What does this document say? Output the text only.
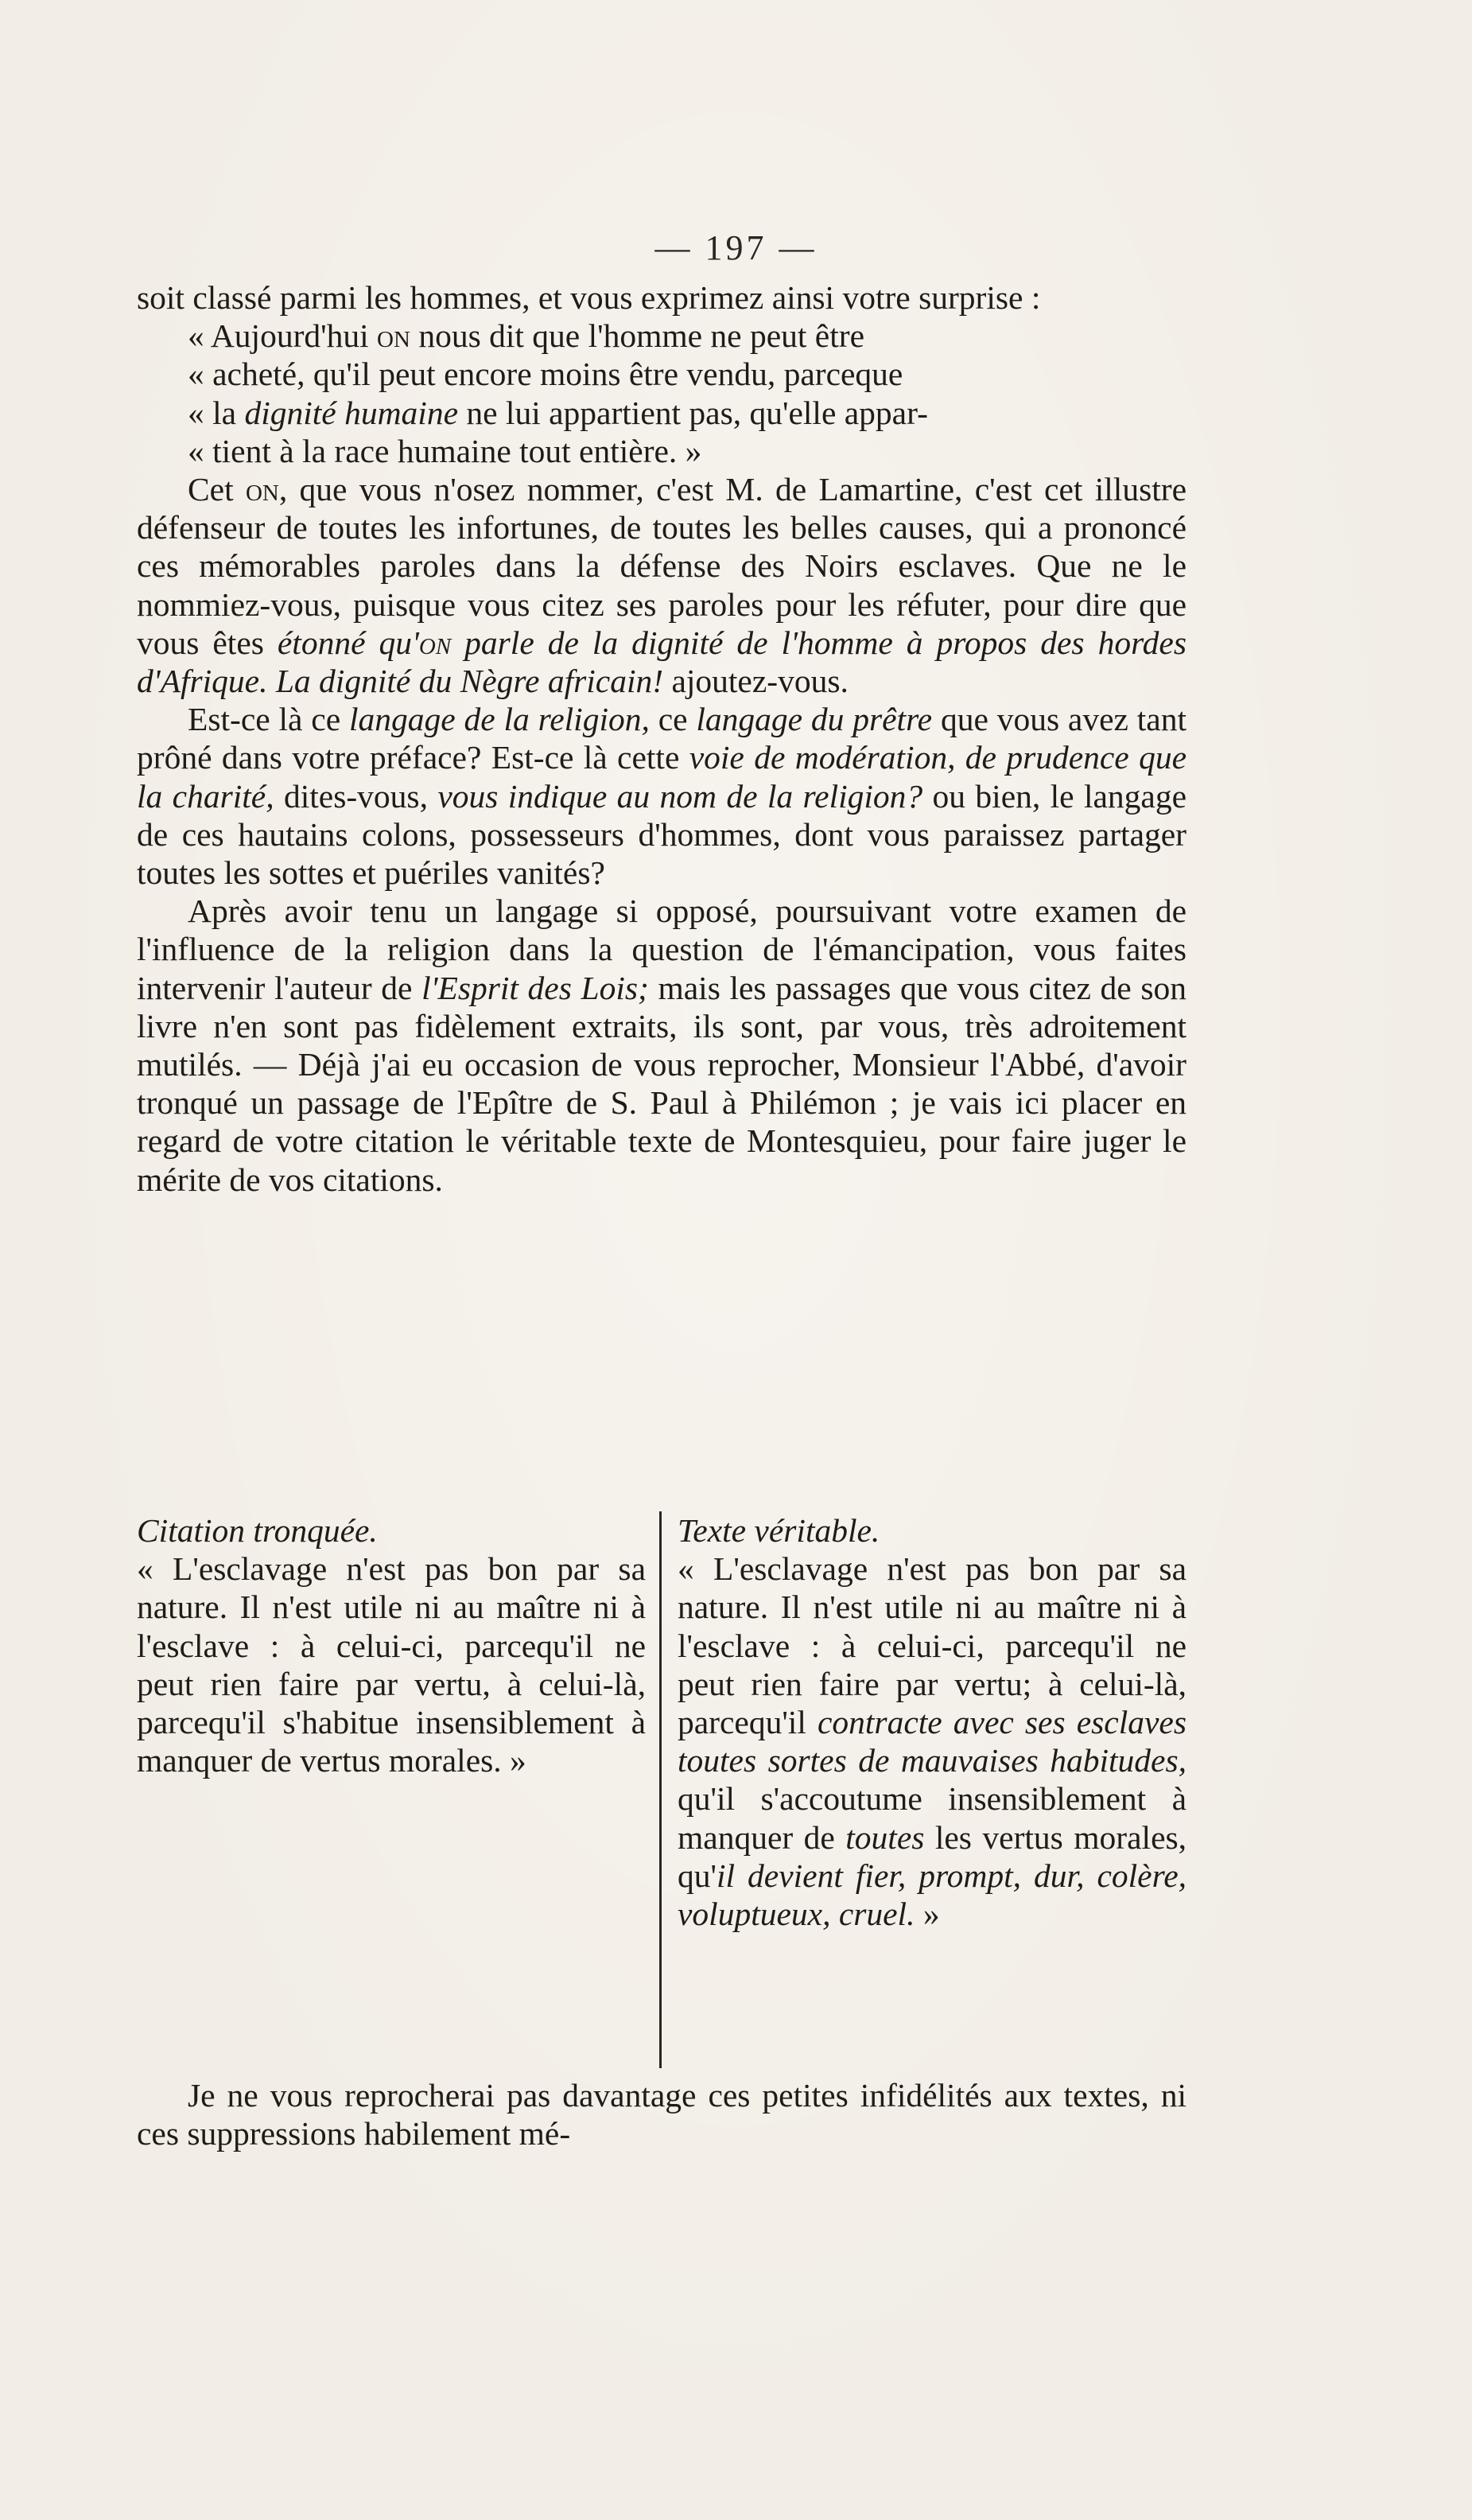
— 197 —

soit classé parmi les hommes, et vous exprimez ainsi votre surprise :

« Aujourd'hui on nous dit que l'homme ne peut être
« acheté, qu'il peut encore moins être vendu, parceque
« la dignité humaine ne lui appartient pas, qu'elle appar-
« tient à la race humaine tout entière. »

Cet on, que vous n'osez nommer, c'est M. de Lamartine, c'est cet illustre défenseur de toutes les infortunes, de toutes les belles causes, qui a prononcé ces mémorables paroles dans la défense des Noirs esclaves. Que ne le nommiez-vous, puisque vous citez ses paroles pour les réfuter, pour dire que vous êtes étonné qu'on parle de la dignité de l'homme à propos des hordes d'Afrique. La dignité du Nègre africain! ajoutez-vous.

Est-ce là ce langage de la religion, ce langage du prêtre que vous avez tant prôné dans votre préface? Est-ce là cette voie de modération, de prudence que la charité, dites-vous, vous indique au nom de la religion? ou bien, le langage de ces hautains colons, possesseurs d'hommes, dont vous paraissez partager toutes les sottes et puériles vanités?

Après avoir tenu un langage si opposé, poursuivant votre examen de l'influence de la religion dans la question de l'émancipation, vous faites intervenir l'auteur de l'Esprit des Lois; mais les passages que vous citez de son livre n'en sont pas fidèlement extraits, ils sont, par vous, très adroitement mutilés. — Déjà j'ai eu occasion de vous reprocher, Monsieur l'Abbé, d'avoir tronqué un passage de l'Epître de S. Paul à Philémon ; je vais ici placer en regard de votre citation le véritable texte de Montesquieu, pour faire juger le mérite de vos citations.

Citation tronquée.

« L'esclavage n'est pas bon par sa nature. Il n'est utile ni au maître ni à l'esclave : à celui-ci, parcequ'il ne peut rien faire par vertu, à celui-là, parcequ'il s'habitue insensiblement à manquer de vertus morales. »

Texte véritable.

« L'esclavage n'est pas bon par sa nature. Il n'est utile ni au maître ni à l'esclave : à celui-ci, parcequ'il ne peut rien faire par vertu; à celui-là, parcequ'il contracte avec ses esclaves toutes sortes de mauvaises habitudes, qu'il s'accoutume insensiblement à manquer de toutes les vertus morales, qu'il devient fier, prompt, dur, colère, voluptueux, cruel. »

Je ne vous reprocherai pas davantage ces petites infidélités aux textes, ni ces suppressions habilement mé-
